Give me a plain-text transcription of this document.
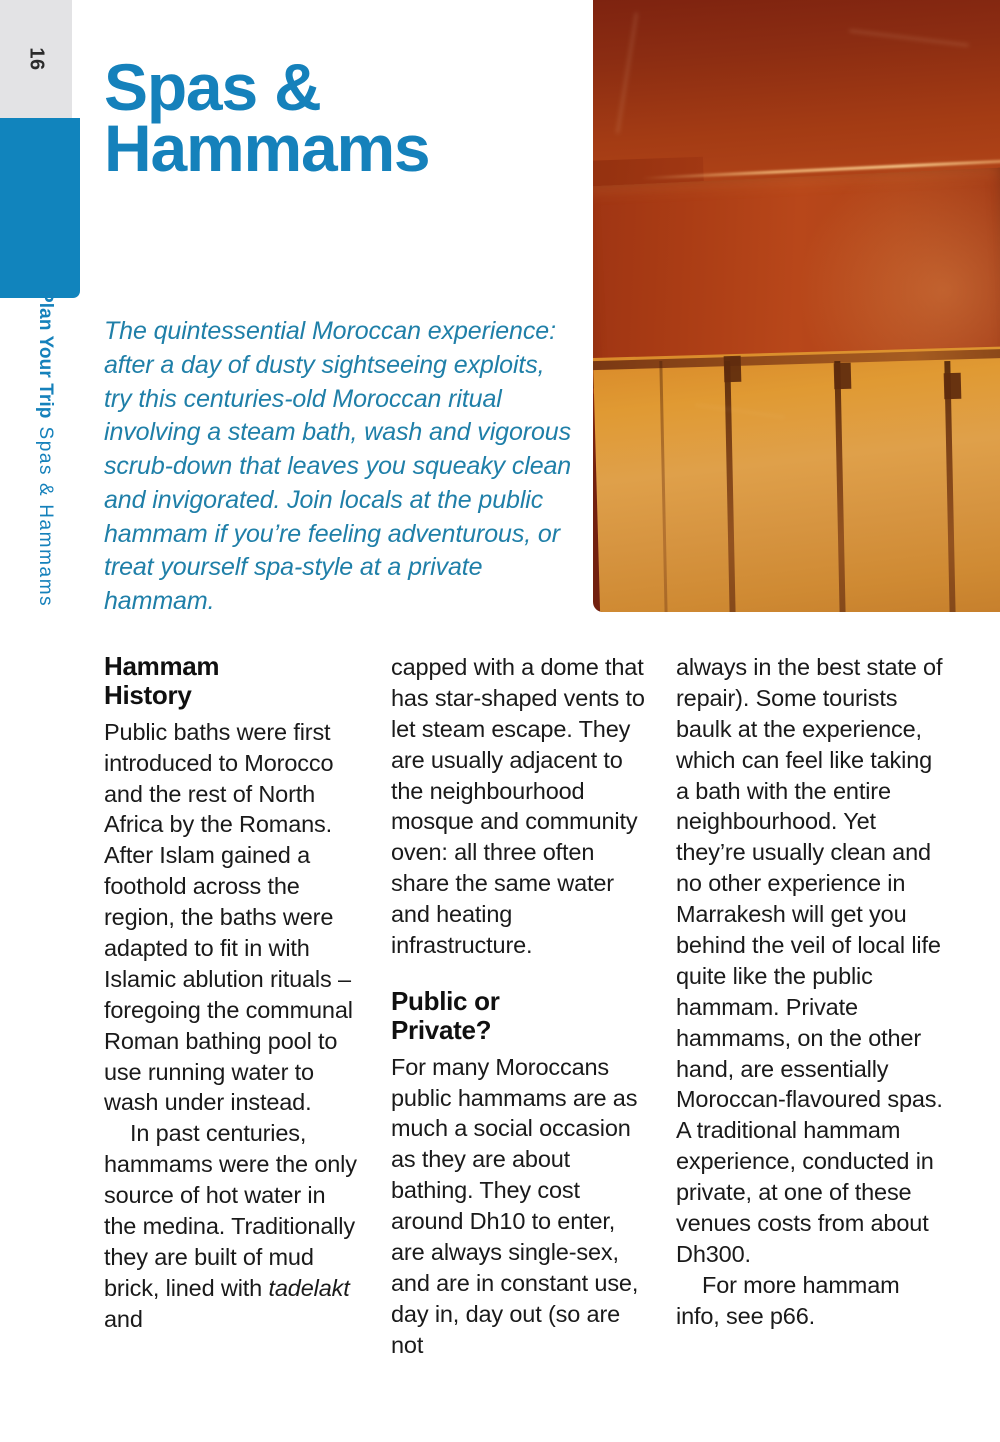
16
Plan Your Trip
Spas & Hammams
Spas &
Hammams

The quintessential Moroccan experience: after a day of dusty sightseeing exploits, try this centuries-old Moroccan ritual involving a steam bath, wash and vigorous scrub-down that leaves you squeaky clean and invigorated. Join locals at the public hammam if you’re feeling adventurous, or treat yourself spa-style at a private hammam.

Hammam
History

Public baths were first introduced to Morocco and the rest of North Africa by the Romans. After Islam gained a foothold across the region, the baths were adapted to fit in with Islamic ablution rituals – foregoing the communal Roman bathing pool to use running water to wash under instead.

In past centuries, hammams were the only source of hot water in the medina. Traditionally they are built of mud brick, lined with tadelakt and

capped with a dome that has star-shaped vents to let steam escape. They are usually adjacent to the neighbourhood mosque and community oven: all three often share the same water and heating infrastructure.

Public or
Private?

For many Moroccans public hammams are as much a social occasion as they are about bathing. They cost around Dh10 to enter, are always single-sex, and are in constant use, day in, day out (so are not

always in the best state of repair). Some tourists baulk at the experience, which can feel like taking a bath with the entire neighbourhood. Yet they’re usually clean and no other experience in Marrakesh will get you behind the veil of local life quite like the public hammam. Private hammams, on the other hand, are essentially Moroccan-flavoured spas. A traditional hammam experience, conducted in private, at one of these venues costs from about Dh300.

For more hammam info, see p66.
